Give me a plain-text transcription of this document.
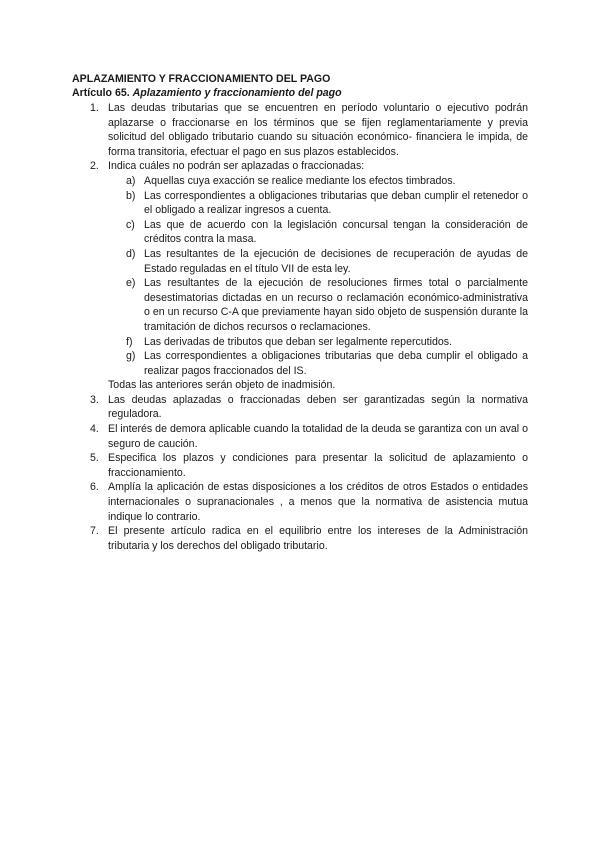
APLAZAMIENTO Y FRACCIONAMIENTO DEL PAGO
Artículo 65. Aplazamiento y fraccionamiento del pago
1. Las deudas tributarias que se encuentren en período voluntario o ejecutivo podrán aplazarse o fraccionarse en los términos que se fijen reglamentariamente y previa solicitud del obligado tributario cuando su situación económico- financiera le impida, de forma transitoria, efectuar el pago en sus plazos establecidos.
2. Indica cuáles no podrán ser aplazadas o fraccionadas:
a) Aquellas cuya exacción se realice mediante los efectos timbrados.
b) Las correspondientes a obligaciones tributarias que deban cumplir el retenedor o el obligado a realizar ingresos a cuenta.
c) Las que de acuerdo con la legislación concursal tengan la consideración de créditos contra la masa.
d) Las resultantes de la ejecución de decisiones de recuperación de ayudas de Estado reguladas en el título VII de esta ley.
e) Las resultantes de la ejecución de resoluciones firmes total o parcialmente desestimatorias dictadas en un recurso o reclamación económico-administrativa o en un recurso C-A que previamente hayan sido objeto de suspensión durante la tramitación de dichos recursos o reclamaciones.
f) Las derivadas de tributos que deban ser legalmente repercutidos.
g) Las correspondientes a obligaciones tributarias que deba cumplir el obligado a realizar pagos fraccionados del IS.
Todas las anteriores serán objeto de inadmisión.
3. Las deudas aplazadas o fraccionadas deben ser garantizadas según la normativa reguladora.
4. El interés de demora aplicable cuando la totalidad de la deuda se garantiza con un aval o seguro de caución.
5. Especifica los plazos y condiciones para presentar la solicitud de aplazamiento o fraccionamiento.
6. Amplía la aplicación de estas disposiciones a los créditos de otros Estados o entidades internacionales o supranacionales , a menos que la normativa de asistencia mutua indique lo contrario.
7. El presente artículo radica en el equilibrio entre los intereses de la Administración tributaria y los derechos del obligado tributario.
